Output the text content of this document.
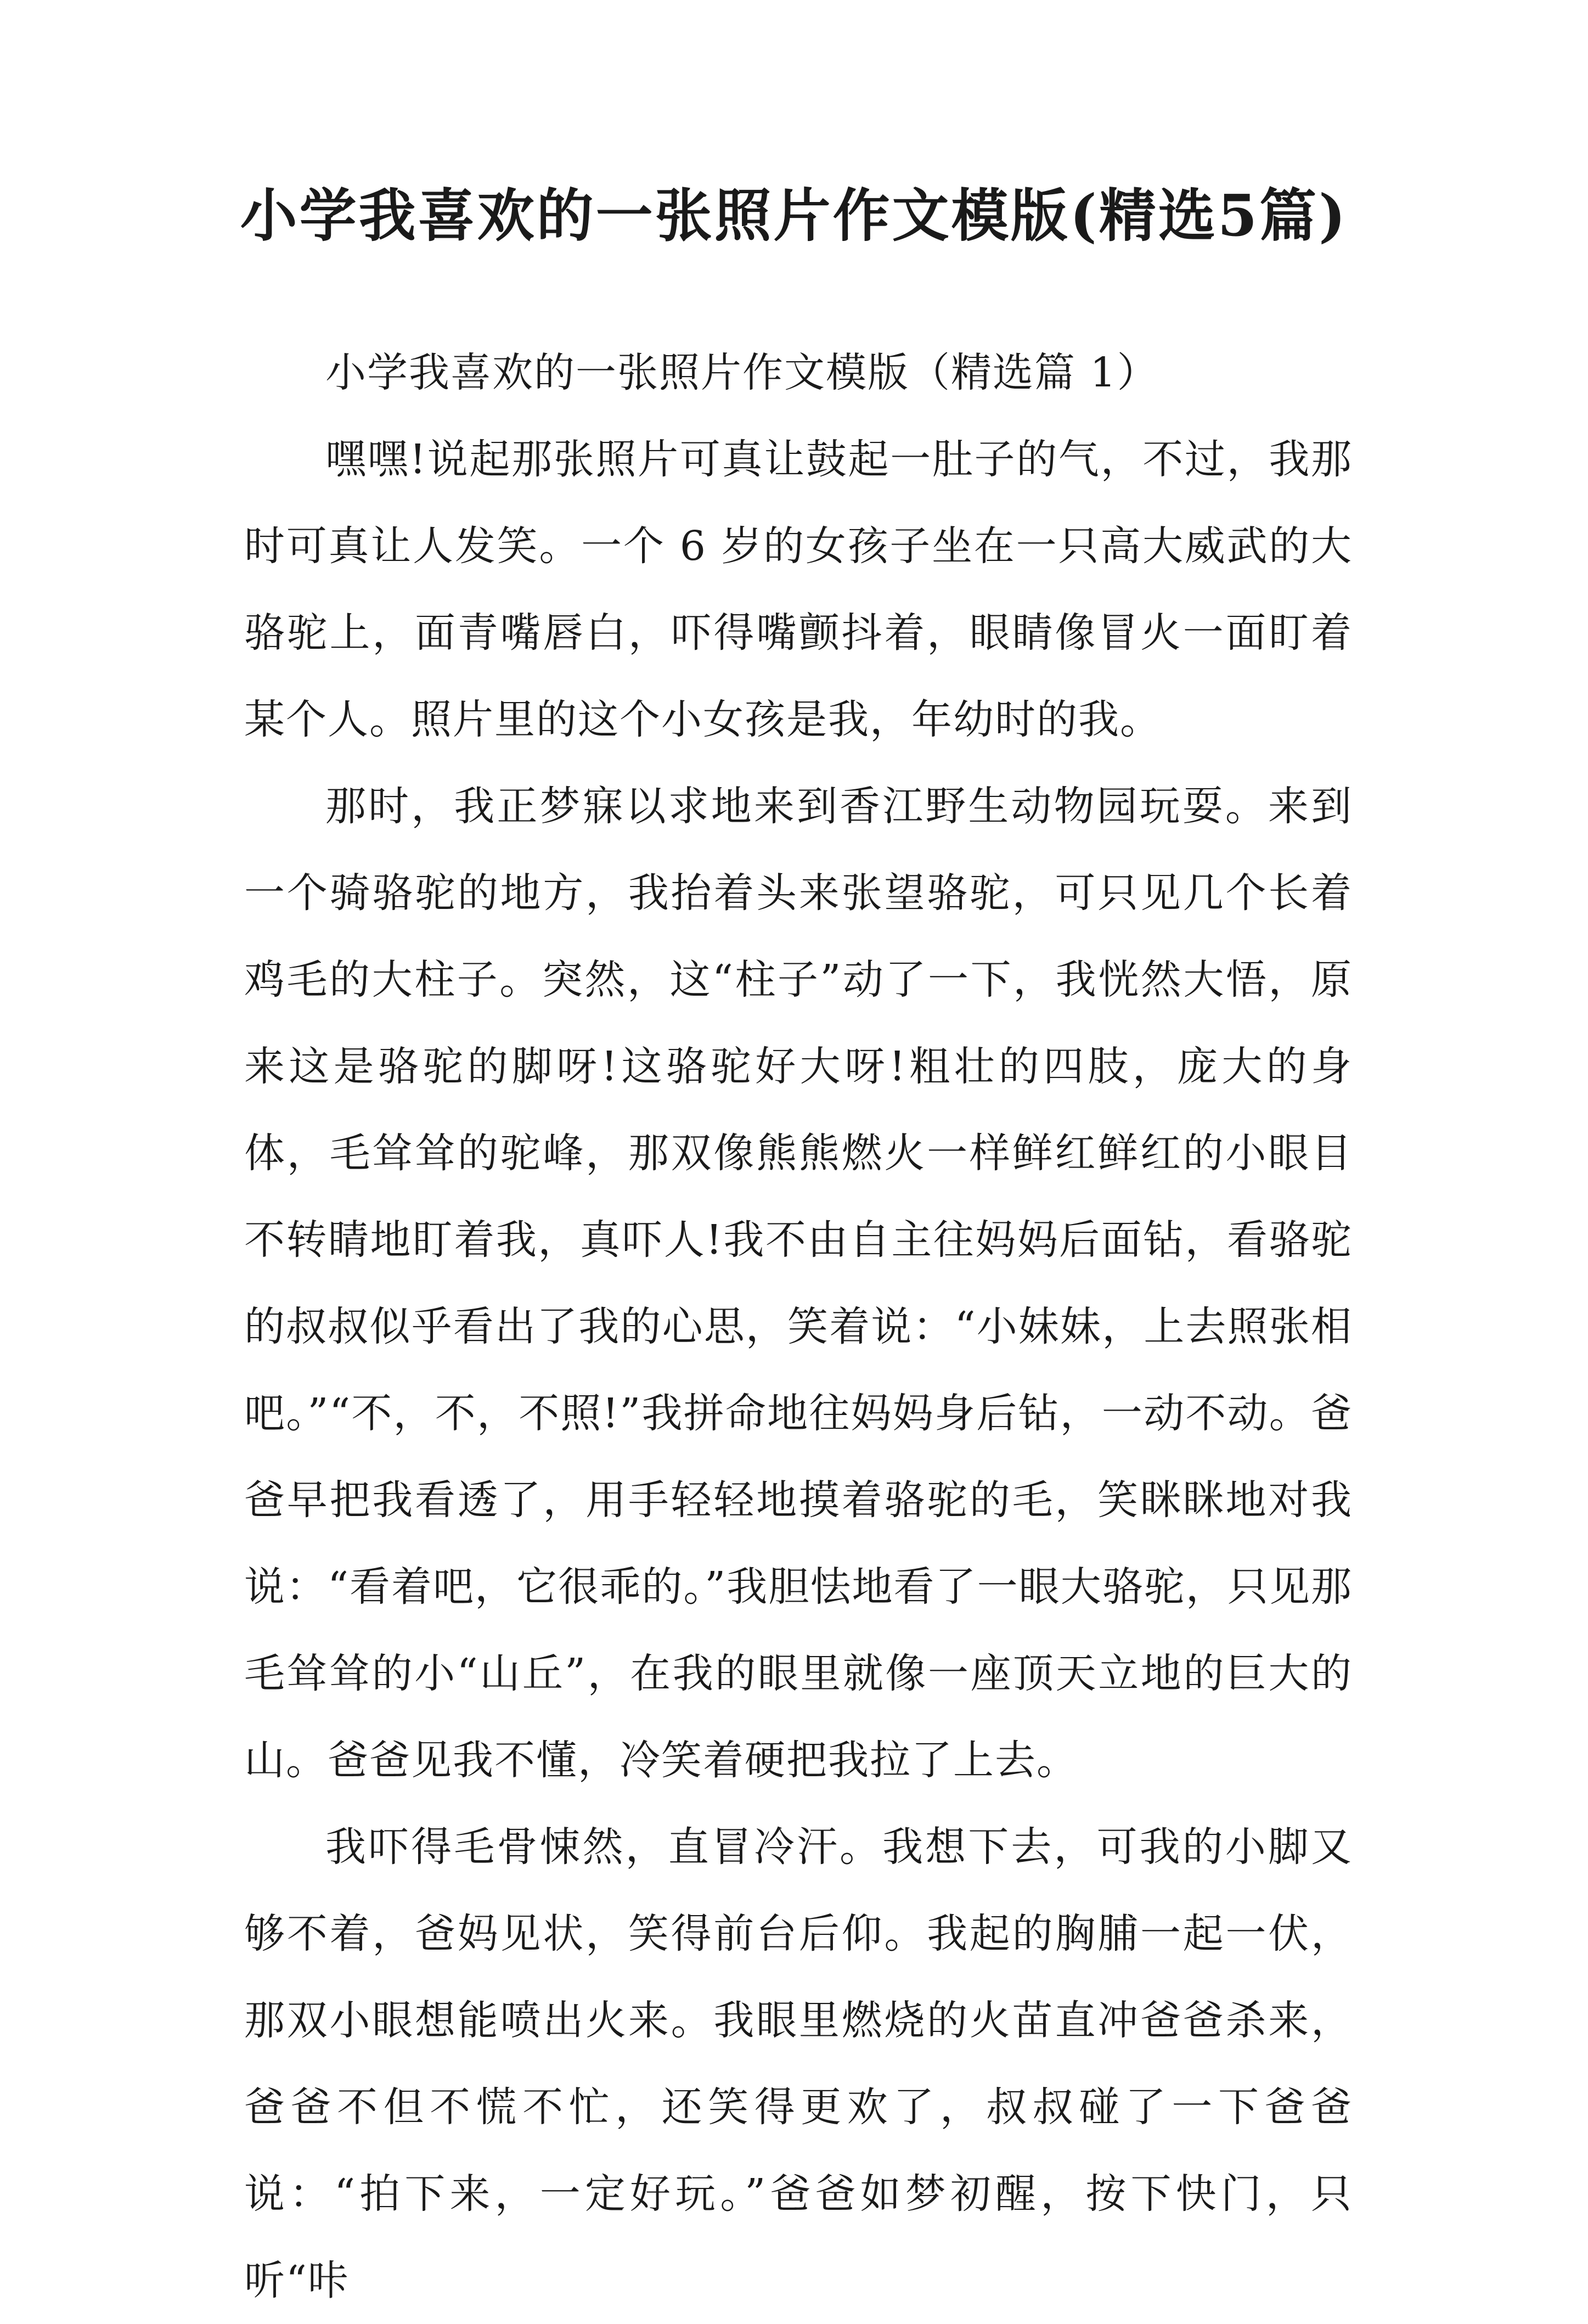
小学我喜欢的一张照片作文模版(精选5篇)

小学我喜欢的一张照片作文模版（精选篇 1）

嘿嘿!说起那张照片可真让鼓起一肚子的气，不过，我那时可真让人发笑。一个 6 岁的女孩子坐在一只高大威武的大骆驼上，面青嘴唇白，吓得嘴颤抖着，眼睛像冒火一面盯着某个人。照片里的这个小女孩是我，年幼时的我。

那时，我正梦寐以求地来到香江野生动物园玩耍。来到一个骑骆驼的地方，我抬着头来张望骆驼，可只见几个长着鸡毛的大柱子。突然，这“柱子”动了一下，我恍然大悟，原来这是骆驼的脚呀!这骆驼好大呀!粗壮的四肢，庞大的身体，毛耸耸的驼峰，那双像熊熊燃火一样鲜红鲜红的小眼目不转睛地盯着我，真吓人!我不由自主往妈妈后面钻，看骆驼的叔叔似乎看出了我的心思，笑着说：“小妹妹，上去照张相吧。”“不，不，不照!”我拼命地往妈妈身后钻，一动不动。爸爸早把我看透了，用手轻轻地摸着骆驼的毛，笑眯眯地对我说：“看着吧，它很乖的。”我胆怯地看了一眼大骆驼，只见那毛耸耸的小“山丘”，在我的眼里就像一座顶天立地的巨大的山。爸爸见我不懂，冷笑着硬把我拉了上去。

我吓得毛骨悚然，直冒冷汗。我想下去，可我的小脚又够不着，爸妈见状，笑得前台后仰。我起的胸脯一起一伏，那双小眼想能喷出火来。我眼里燃烧的火苗直冲爸爸杀来，爸爸不但不慌不忙，还笑得更欢了，叔叔碰了一下爸爸说：“拍下来，一定好玩。”爸爸如梦初醒，按下快门，只听“咔
